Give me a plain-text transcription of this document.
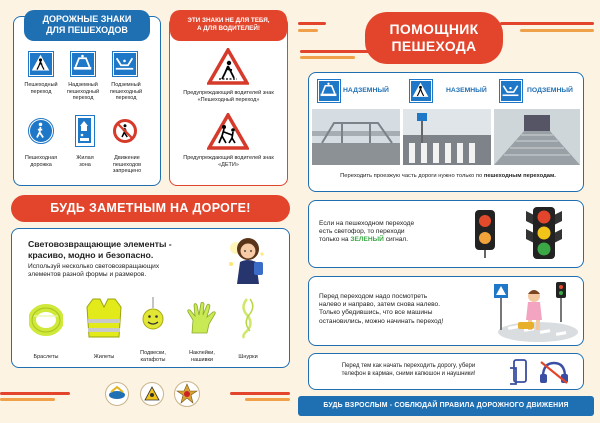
ДОРОЖНЫЕ ЗНАКИ
ДЛЯ ПЕШЕХОДОВ
Пешеходный
переход
Надземный
пешеходный
переход
Подземный
пешеходный
переход
Пешеходная
дорожка
Жилая
зона
Движение
пешеходов
запрещено
ЭТИ ЗНАКИ НЕ ДЛЯ ТЕБЯ,
А ДЛЯ ВОДИТЕЛЕЙ!
Предупреждающий водителей знак
«Пешеходный переход»
Предупреждающий водителей знак
«ДЕТИ»
БУДЬ ЗАМЕТНЫМ НА ДОРОГЕ!
Световозвращающие элементы -
красиво, модно и безопасно.
Используй несколько световозвращающих
элементов разной формы и размеров.
Браслеты	Жилеты
Подвески,
катафоты
Наклейки,
нашивки	Шнурки
ПОМОЩНИК
ПЕШЕХОДА
НАДЗЕМНЫЙ	НАЗЕМНЫЙ	ПОДЗЕМНЫЙ
Переходить проезжую часть дороги нужно только по пешеходным переходам.
Если на пешеходном переходе
есть светофор, то переходи
только на ЗЕЛЕНЫЙ сигнал.
Перед переходом надо посмотреть
налево и направо, затем снова налево.
Только убедившись, что все машины
остановились, можно начинать переход!
Перед тем как начать переходить дорогу, убери
телефон в карман, сними капюшон и наушники!
БУДЬ ВЗРОСЛЫМ - СОБЛЮДАЙ ПРАВИЛА ДОРОЖНОГО ДВИЖЕНИЯ
